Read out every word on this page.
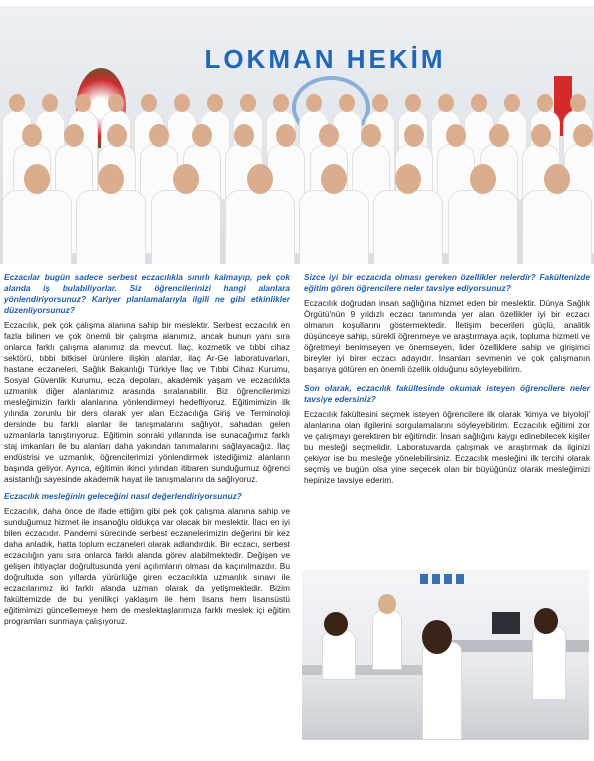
LOKMAN HEKİM

Eczacılar bugün sadece serbest eczacılıkla sınırlı kalmayıp, pek çok alanda iş bulabiliyorlar. Siz öğrencilerinizi hangi alanlara yönlendiriyorsunuz? Kariyer planlamalarıyla ilgili ne gibi etkinlikler düzenliyorsunuz?

Eczacılık, pek çok çalışma alanına sahip bir meslektir. Serbest eczacılık en fazla bilinen ve çok önemli bir çalışma alanımız, ancak bunun yanı sıra onlarca farklı çalışma alanımız da mevcut. İlaç, kozmetik ve tıbbi cihaz sektörü, tıbbi bitkisel ürünlere ilişkin alanlar, ilaç Ar-Ge laboratuvarları, hastane eczaneleri, Sağlık Bakanlığı Türkiye İlaç ve Tıbbi Cihaz Kurumu, Sosyal Güvenlik Kurumu, ecza depoları, akademik yaşam ve eczacılıkta uzmanlık diğer alanlarımız arasında sıralanabilir. Biz öğrencilerimizi mesleğimizin farklı alanlarına yönlendirmeyi hedefliyoruz. Eğitimimizin ilk yılında zorunlu bir ders olarak yer alan Eczacılığa Giriş ve Terminoloji dersinde bu farklı alanlar ile tanışmalarını sağlıyor, sahadan gelen uzmanlarla tanıştırıyoruz. Eğitimin sonraki yıllarında ise sunacağımız farklı staj imkanları ile bu alanları daha yakından tanımalarını sağlayacağız. İlaç endüstrisi ve uzmanlık, öğrencilerimizi yönlendirmek istediğimiz alanların başında geliyor. Ayrıca, eğitimin ikinci yılından itibaren sunduğumuz öğrenci asistanlığı sayesinde akademik hayat ile tanışmalarını da sağlıyoruz.

Eczacılık mesleğinin geleceğini nasıl değerlendiriyorsunuz?

Eczacılık, daha önce de ifade ettiğim gibi pek çok çalışma alanına sahip ve sunduğumuz hizmet ile insanoğlu oldukça var olacak bir meslektir. İlacı en iyi bilen eczacıdır. Pandemi sürecinde serbest eczanelerimizin değerini bir kez daha anladık, hatta toplum eczaneleri olarak adlandırdık. Bir eczacı, serbest eczacılığın yanı sıra onlarca farklı alanda görev alabilmektedir. Değişen ve gelişen ihtiyaçlar doğrultusunda yeni açılımların olması da kaçınılmazdır. Bu doğrultuda son yıllarda yürürlüğe giren eczacılıkta uzmanlık sınavı ile eczacılarımız iki farklı alanda uzman olarak da yetişmektedir. Bizim fakültemizde de bu yenilikçi yaklaşım ile hem lisans hem lisansüstü eğitimimizi güncellemeye hem de meslektaşlarımıza farklı meslek içi eğitim programları sunmaya çalışıyoruz.

Sizce iyi bir eczacıda olması gereken özellikler nelerdir? Fakültenizde eğitim gören öğrencilere neler tavsiye ediyorsunuz?

Eczacılık doğrudan insan sağlığına hizmet eden bir meslektir. Dünya Sağlık Örgütü'nün 9 yıldızlı eczacı tanımında yer alan özellikler iyi bir eczacı olmanın koşullarını göstermektedir. İletişim becerileri güçlü, analitik düşünceye sahip, sürekli öğrenmeye ve araştırmaya açık, topluma hizmeti ve öğretmeyi benimseyen ve önemseyen, lider özelliklere sahip ve girişimci bireyler iyi birer eczacı adayıdır. İnsanları sevmenin ve çok çalışmanın başarıya götüren en önemli özellik olduğunu söyleyebilirim.

Son olarak, eczacılık fakültesinde okumak isteyen öğrencilere neler tavsiye edersiniz?

Eczacılık fakültesini seçmek isteyen öğrencilere ilk olarak 'kimya ve biyoloji' alanlarına olan ilgilerini sorgulamalarını söyleyebilirim. Eczacılık eğitimi zor ve çalışmayı gerektiren bir eğitimdir. İnsan sağlığını kaygı edinebilecek kişiler bu mesleği seçmelidir. Laboratuvarda çalışmak ve araştırmak da ilginizi çekiyor ise bu mesleğe yönelebilirsiniz. Eczacılık mesleğini ilk tercihi olarak seçmiş ve bugün olsa yine seçecek olan bir büyüğünüz olarak mesleğimizi hepinize tavsiye ederim.
